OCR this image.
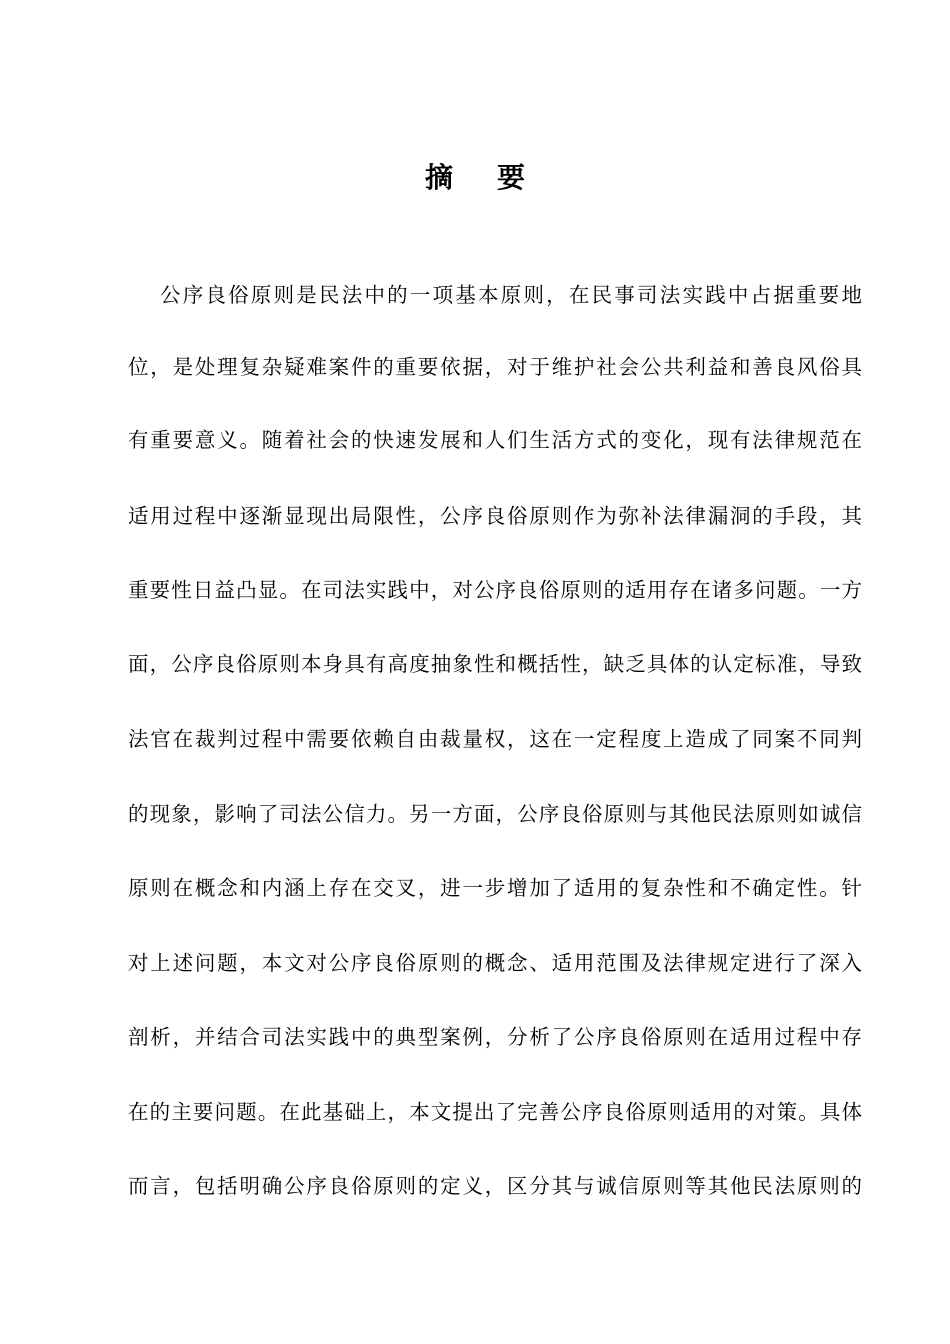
摘要
公序良俗原则是民法中的一项基本原则，在民事司法实践中占据重要地
位，是处理复杂疑难案件的重要依据，对于维护社会公共利益和善良风俗具
有重要意义。随着社会的快速发展和人们生活方式的变化，现有法律规范在
适用过程中逐渐显现出局限性，公序良俗原则作为弥补法律漏洞的手段，其
重要性日益凸显。在司法实践中，对公序良俗原则的适用存在诸多问题。一方
面，公序良俗原则本身具有高度抽象性和概括性，缺乏具体的认定标准，导致
法官在裁判过程中需要依赖自由裁量权，这在一定程度上造成了同案不同判
的现象，影响了司法公信力。另一方面，公序良俗原则与其他民法原则如诚信
原则在概念和内涵上存在交叉，进一步增加了适用的复杂性和不确定性。针
对上述问题，本文对公序良俗原则的概念、适用范围及法律规定进行了深入
剖析，并结合司法实践中的典型案例，分析了公序良俗原则在适用过程中存
在的主要问题。在此基础上，本文提出了完善公序良俗原则适用的对策。具体
而言，包括明确公序良俗原则的定义，区分其与诚信原则等其他民法原则的
